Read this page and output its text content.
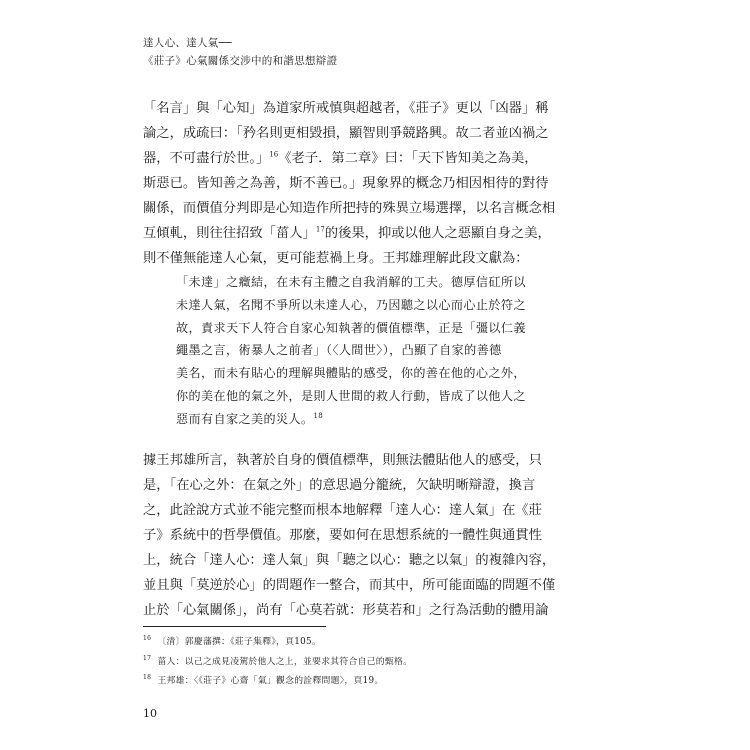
達人心、達人氣──
《莊子》心氣關係交涉中的和諧思想辯證
「名言」與「心知」為道家所戒慎與超越者，《莊子》更以「凶器」稱
論之，成疏曰：「矜名則更相毀損，顯智則爭競路興。故二者並凶禍之
器，不可盡行於世。」$^{16}$《老子．第二章》曰：「天下皆知美之為美，
斯惡已。皆知善之為善，斯不善已。」現象界的概念乃相因相待的對待
關係，而價值分判即是心知造作所把持的殊異立場選擇，以名言概念相
互傾軋，則往往招致「菑人」$^{17}$的後果，抑或以他人之惡顯自身之美，
則不僅無能達人心氣，更可能惹禍上身。王邦雄理解此段文獻為：
「未達」之癥結，在未有主體之自我消解的工夫。德厚信矼所以
未達人氣，名聞不爭所以未達人心，乃因聽之以心而心止於符之
故，責求天下人符合自家心知執著的價值標準，正是「彊以仁義
繩墨之言，術暴人之前者」（〈人間世〉），凸顯了自家的善德
美名，而未有貼心的理解與體貼的感受，你的善在他的心之外，
你的美在他的氣之外，是則人世間的救人行動，皆成了以他人之
惡而有自家之美的災人。$^{18}$
據王邦雄所言，執著於自身的價值標準，則無法體貼他人的感受，只
是，「在心之外：在氣之外」的意思過分籠統，欠缺明晰辯證，換言
之，此詮說方式並不能完整而根本地解釋「達人心：達人氣」在《莊
子》系統中的哲學價值。那麼，要如何在思想系統的一體性與通貫性
上，統合「達人心：達人氣」與「聽之以心：聽之以氣」的複雜內容，
並且與「莫逆於心」的問題作一整合，而其中，所可能面臨的問題不僅
止於「心氣關係」，尚有「心莫若就：形莫若和」之行為活動的體用論
$^{16}$ 〔清〕郭慶藩撰：《莊子集釋》，頁105。
$^{17}$ 菑人：以己之成見凌駕於他人之上，並要求其符合自己的甄格。
$^{18}$ 王邦雄：〈《莊子》心齋「氣」觀念的詮釋問題〉，頁19。
10
